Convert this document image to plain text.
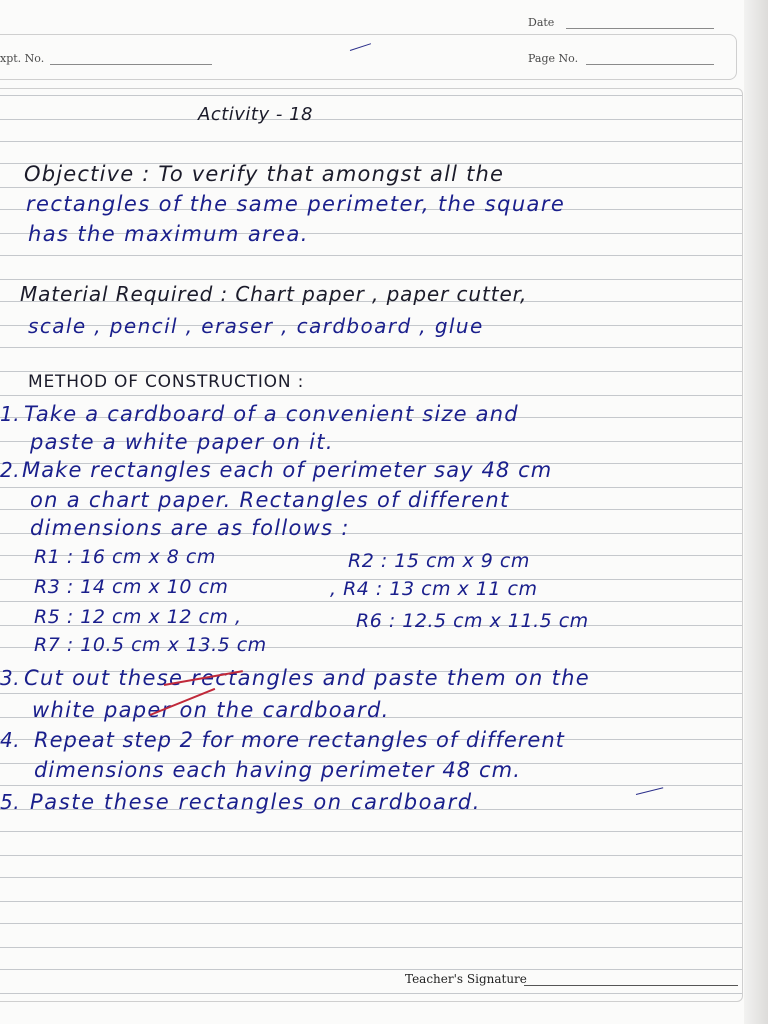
Date
xpt. No.	Page No.
Activity - 18
Objective : To verify that amongst all the
rectangles of the same perimeter, the square
has the maximum area.
Material Required : Chart paper , paper cutter,
scale , pencil , eraser , cardboard , glue
METHOD OF CONSTRUCTION :
1. Take a cardboard of a convenient size and
paste a white paper on it.
2. Make rectangles each of perimeter say 48 cm
on a chart paper. Rectangles of different
dimensions are as follows :
R1 : 16 cm x 8 cm	R2 : 15 cm x 9 cm
R3 : 14 cm x 10 cm	, R4 : 13 cm x 11 cm
R5 : 12 cm x 12 cm ,	R6 : 12.5 cm x 11.5 cm
R7 : 10.5 cm x 13.5 cm
3. Cut out these rectangles and paste them on the
white paper on the cardboard.
4. Repeat step 2 for more rectangles of different
dimensions each having perimeter 48 cm.
5. Paste these rectangles on cardboard.
Teacher's Signature
